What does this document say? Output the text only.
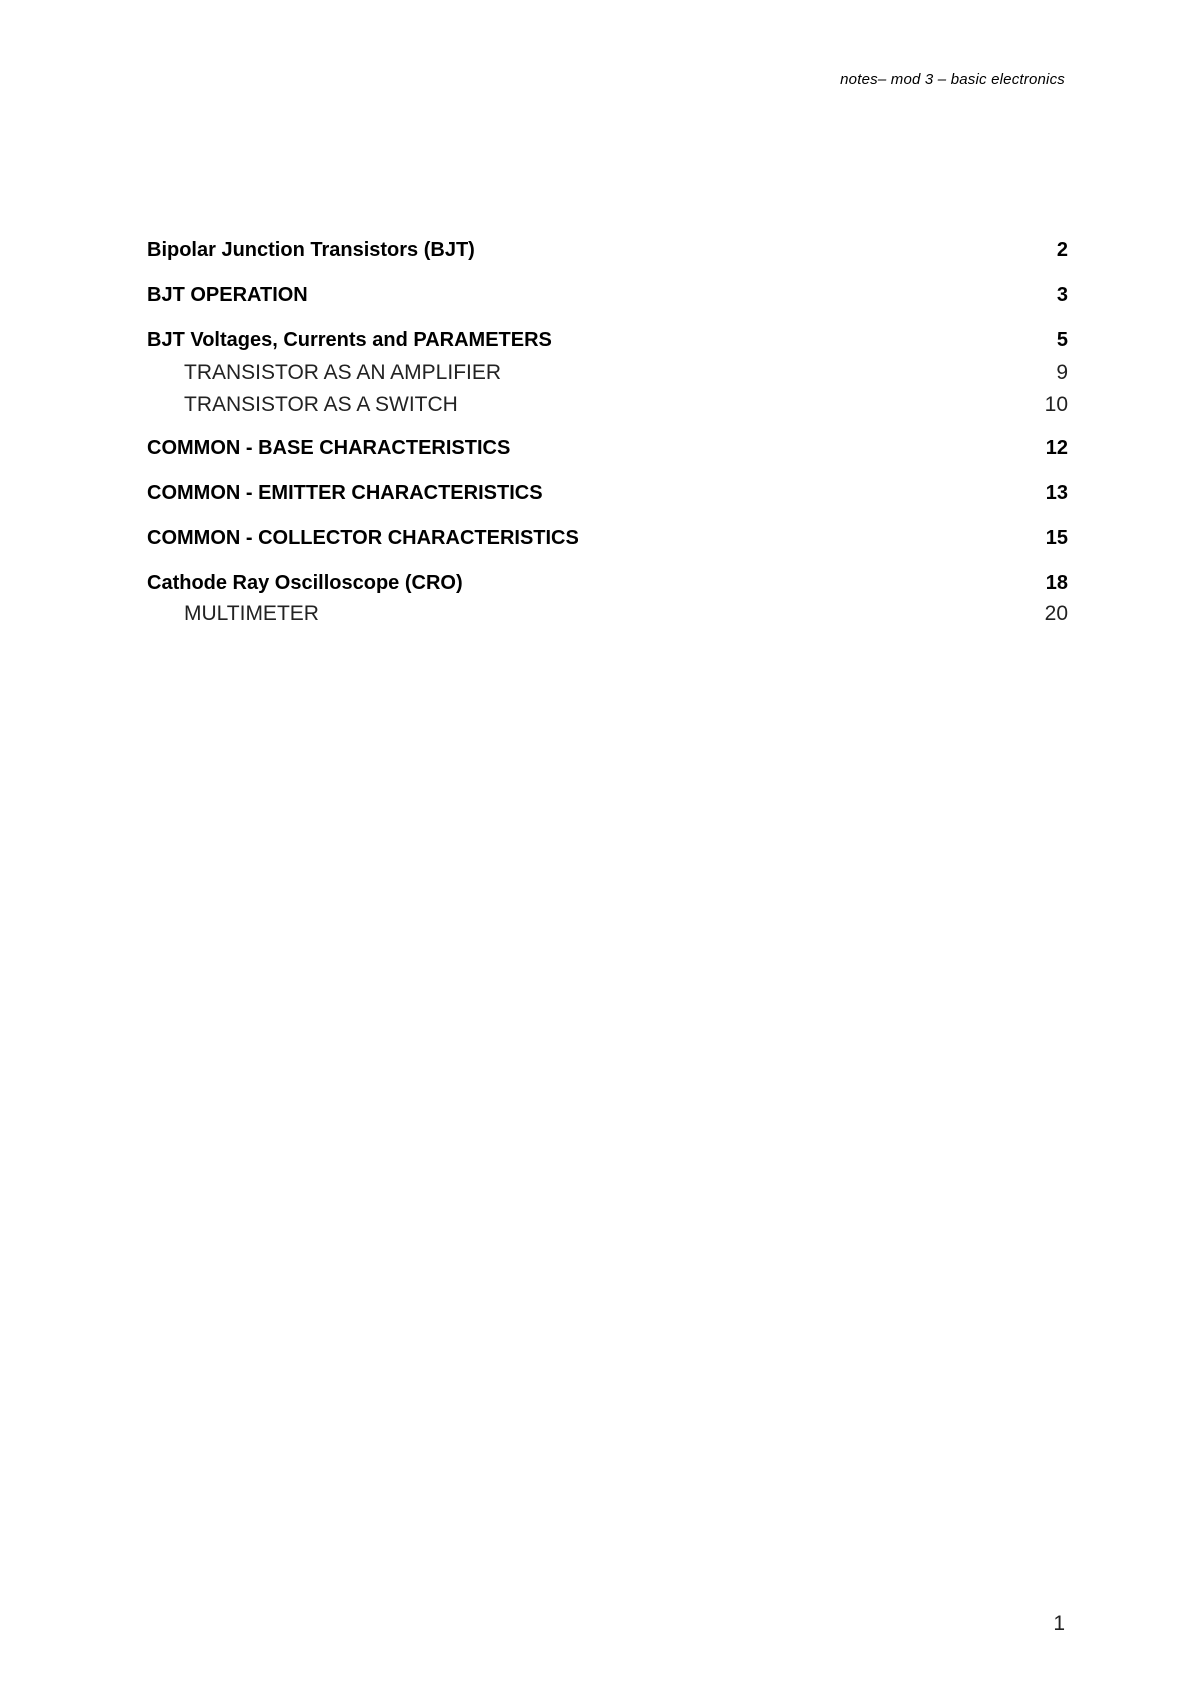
notes– mod 3 – basic electronics
Bipolar Junction Transistors (BJT)	2
BJT OPERATION	3
BJT Voltages, Currents and PARAMETERS	5
TRANSISTOR AS AN AMPLIFIER	9
TRANSISTOR AS A SWITCH	10
COMMON - BASE CHARACTERISTICS	12
COMMON - EMITTER CHARACTERISTICS	13
COMMON - COLLECTOR CHARACTERISTICS	15
Cathode Ray Oscilloscope (CRO)	18
MULTIMETER	20
1
